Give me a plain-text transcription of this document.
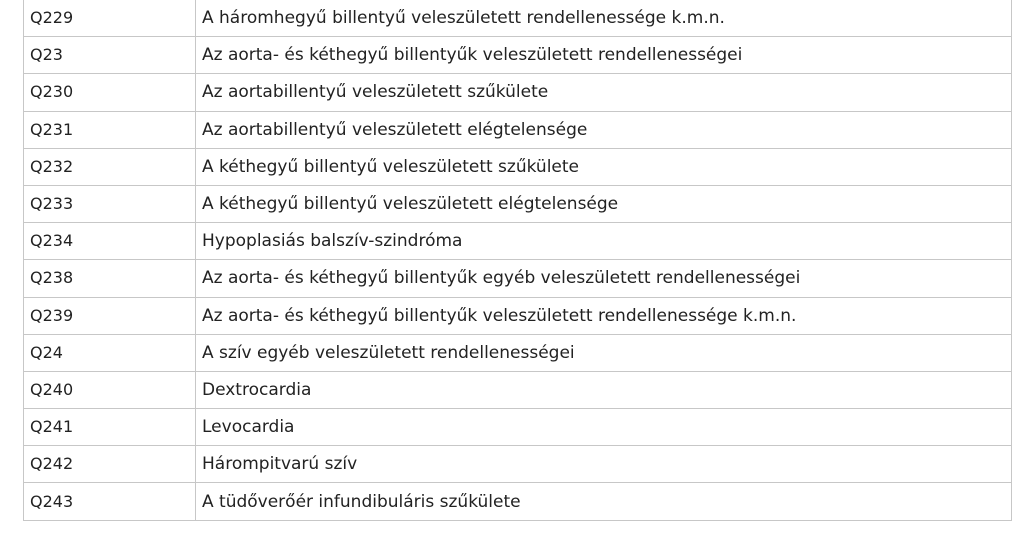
Q229	A háromhegyű billentyű veleszületett rendellenessége k.m.n.
Q23	Az aorta- és kéthegyű billentyűk veleszületett rendellenességei
Q230	Az aortabillentyű veleszületett szűkülete
Q231	Az aortabillentyű veleszületett elégtelensége
Q232	A kéthegyű billentyű veleszületett szűkülete
Q233	A kéthegyű billentyű veleszületett elégtelensége
Q234	Hypoplasiás balszív-szindróma
Q238	Az aorta- és kéthegyű billentyűk egyéb veleszületett rendellenességei
Q239	Az aorta- és kéthegyű billentyűk veleszületett rendellenessége k.m.n.
Q24	A szív egyéb veleszületett rendellenességei
Q240	Dextrocardia
Q241	Levocardia
Q242	Hárompitvarú szív
Q243	A tüdőverőér infundibuláris szűkülete
